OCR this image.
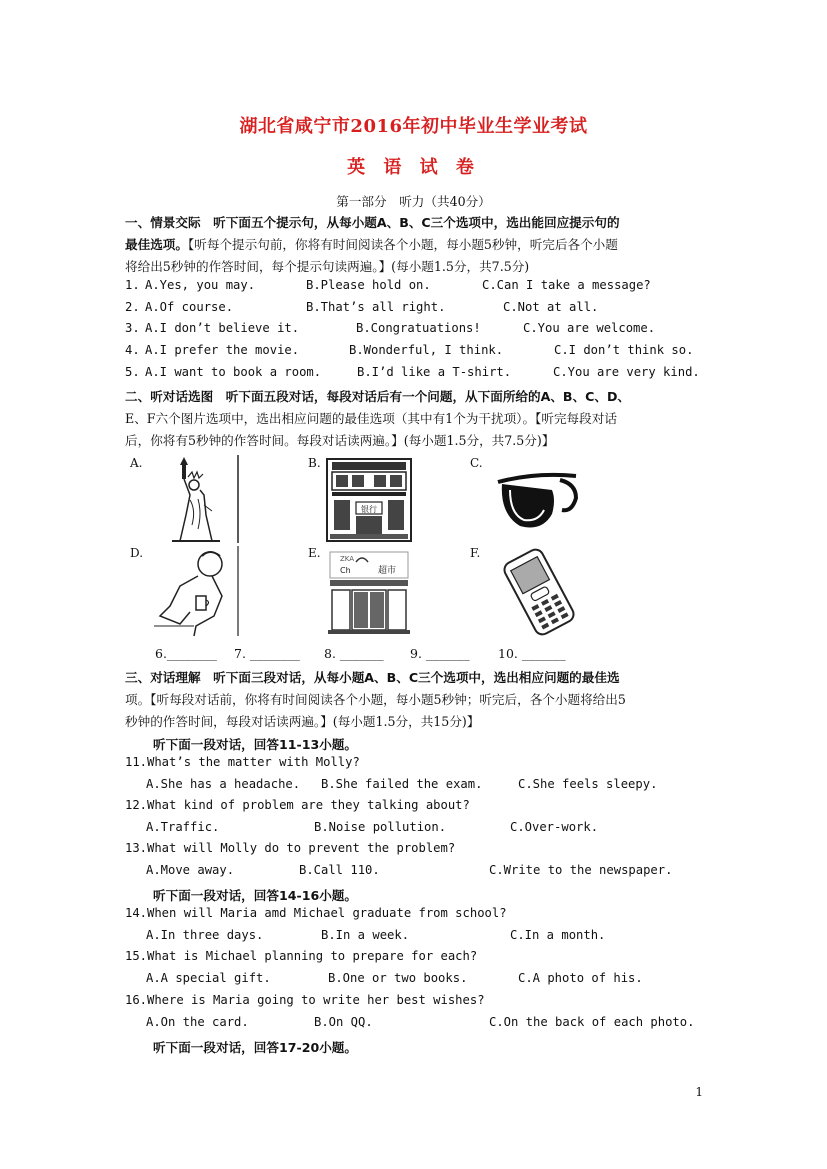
湖北省咸宁市2016年初中毕业生学业考试
英 语 试 卷
第一部分　听力（共40分）
一、情景交际　听下面五个提示句，从每小题A、B、C三个选项中，选出能回应提示句的
最佳选项。【听每个提示句前，你将有时间阅读各个小题，每小题5秒钟，听完后各个小题
将给出5秒钟的作答时间，每个提示句读两遍。】(每小题1.5分，共7.5分)
1. A.Yes, you may.	B.Please hold on.	C.Can I take a message?
2. A.Of course.	B.That’s all right.	C.Not at all.
3. A.I don’t believe it.	B.Congratuations!	C.You are welcome.
4. A.I prefer the movie.	B.Wonderful, I think.	C.I don’t think so.
5. A.I want to book a room.	B.I’d like a T-shirt.	C.You are very kind.
二、听对话选图　听下面五段对话，每段对话后有一个问题，从下面所给的A、B、C、D、
E、F六个图片选项中，选出相应问题的最佳选项（其中有1个为干扰项）。【听完每段对话
后，你将有5秒钟的作答时间。每段对话读两遍。】(每小题1.5分，共7.5分)】
A.	B.
银行
C.
D.	E.	ZKA
Ch	超市
F.
6.________ 7. ________ 8. _______ 9. _______ 10. _______
三、对话理解　听下面三段对话，从每小题A、B、C三个选项中，选出相应问题的最佳选
项。【听每段对话前，你将有时间阅读各个小题，每小题5秒钟；听完后，各个小题将给出5
秒钟的作答时间，每段对话读两遍。】(每小题1.5分，共15分)】
听下面一段对话，回答11-13小题。
11.What’s the matter with Molly?
A.She has a headache. B.She failed the exam.	C.She feels sleepy.
12.What kind of problem are they talking about?
A.Traffic.	B.Noise pollution.	C.Over-work.
13.What will Molly do to prevent the problem?
A.Move away.	B.Call 110.	C.Write to the newspaper.
听下面一段对话，回答14-16小题。
14.When will Maria amd Michael graduate from school?
A.In three days.	B.In a week.	C.In a month.
15.What is Michael planning to prepare for each?
A.A special gift.	B.One or two books.	C.A photo of his.
16.Where is Maria going to write her best wishes?
A.On the card.	B.On QQ.	C.On the back of each photo.
听下面一段对话，回答17-20小题。
1
